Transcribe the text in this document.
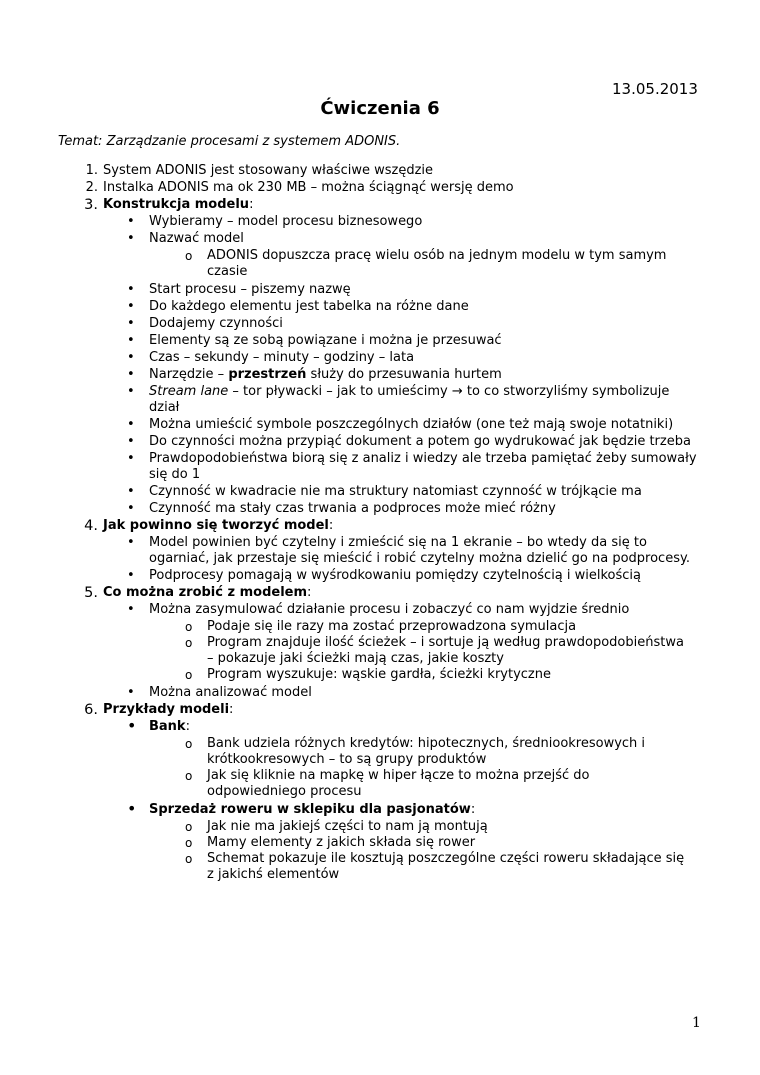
13.05.2013
Ćwiczenia 6
Temat: Zarządzanie procesami z systemem ADONIS.
1. System ADONIS jest stosowany właściwe wszędzie
2. Instalka ADONIS ma ok 230 MB – można ściągnąć wersję demo
3. Konstrukcja modelu:
• Wybieramy – model procesu biznesowego
• Nazwać model
o ADONIS dopuszcza pracę wielu osób na jednym modelu w tym samym czasie
• Start procesu – piszemy nazwę
• Do każdego elementu jest tabelka na różne dane
• Dodajemy czynności
• Elementy są ze sobą powiązane i można je przesuwać
• Czas – sekundy – minuty – godziny – lata
• Narzędzie – przestrzeń służy do przesuwania hurtem
• Stream lane – tor pływacki – jak to umieścimy → to co stworzyliśmy symbolizuje dział
• Można umieścić symbole poszczególnych działów (one też mają swoje notatniki)
• Do czynności można przypiąć dokument a potem go wydrukować jak będzie trzeba
• Prawdopodobieństwa biorą się z analiz i wiedzy ale trzeba pamiętać żeby sumowały się do 1
• Czynność w kwadracie nie ma struktury natomiast czynność w trójkącie ma
• Czynność ma stały czas trwania a podproces może mieć różny
4. Jak powinno się tworzyć model:
• Model powinien być czytelny i zmieścić się na 1 ekranie – bo wtedy da się to ogarniać, jak przestaje się mieścić i robić czytelny można dzielić go na podprocesy.
• Podprocesy pomagają w wyśrodkowaniu pomiędzy czytelnością i wielkością
5. Co można zrobić z modelem:
• Można zasymulować działanie procesu i zobaczyć co nam wyjdzie średnio
o Podaje się ile razy ma zostać przeprowadzona symulacja
o Program znajduje ilość ścieżek – i sortuje ją według prawdopodobieństwa – pokazuje jaki ścieżki mają czas, jakie koszty
o Program wyszukuje: wąskie gardła, ścieżki krytyczne
• Można analizować model
6. Przykłady modeli:
• Bank:
o Bank udziela różnych kredytów: hipotecznych, średniookresowych i krótkookresowych – to są grupy produktów
o Jak się kliknie na mapkę w hiper łącze to można przejść do odpowiedniego procesu
• Sprzedaż roweru w sklepiku dla pasjonatów:
o Jak nie ma jakiejś części to nam ją montują
o Mamy elementy z jakich składa się rower
o Schemat pokazuje ile kosztują poszczególne części roweru składające się z jakichś elementów
1
